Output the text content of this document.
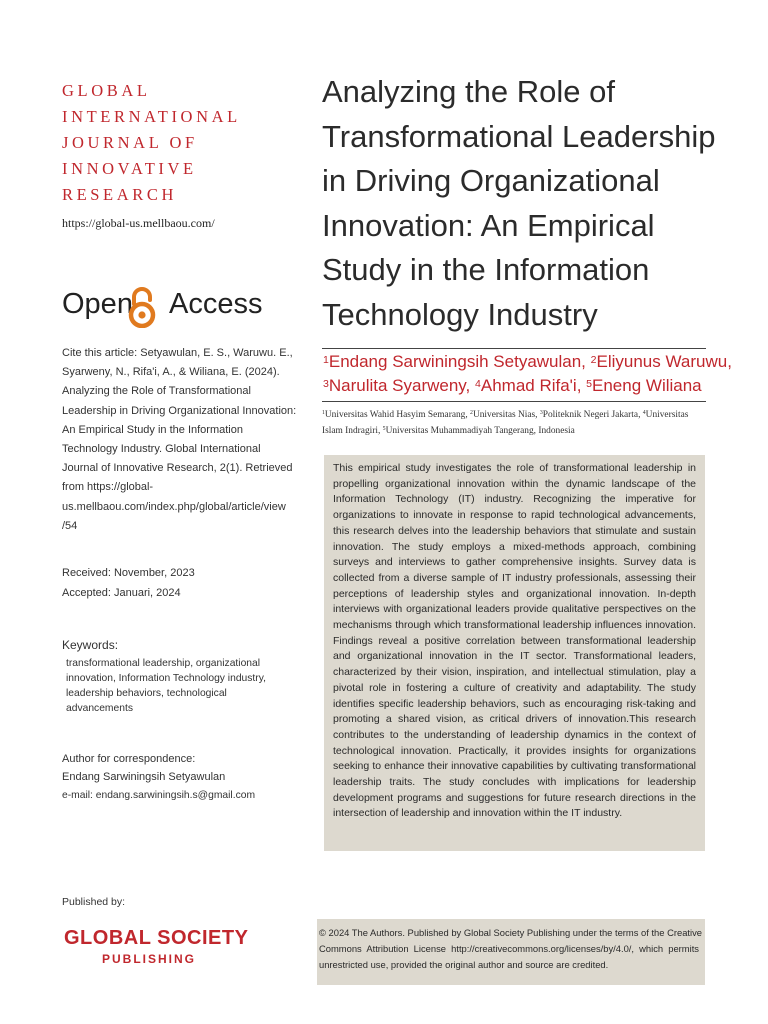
GLOBAL
INTERNATIONAL
JOURNAL OF
INNOVATIVE
RESEARCH
https://global-us.mellbaou.com/
Open Access
Cite this article: Setyawulan, E. S., Waruwu. E.,
Syarweny, N., Rifa'i, A., & Wiliana, E. (2024).
Analyzing the Role of Transformational
Leadership in Driving Organizational Innovation:
An Empirical Study in the Information
Technology Industry. Global International
Journal of Innovative Research, 2(1). Retrieved
from https://global-
us.mellbaou.com/index.php/global/article/view
/54
Received: November, 2023
Accepted: Januari, 2024
Keywords:
transformational leadership, organizational
innovation, Information Technology industry,
leadership behaviors, technological
advancements
Author for correspondence:
Endang Sarwiningsih Setyawulan
e-mail: endang.sarwiningsih.s@gmail.com
Published by:
GLOBAL SOCIETY
PUBLISHING
Analyzing the Role of
Transformational Leadership
in Driving Organizational
Innovation: An Empirical
Study in the Information
Technology Industry
$^1$Endang Sarwiningsih Setyawulan, $^2$Eliyunus Waruwu,
$^3$Narulita Syarweny, $^4$Ahmad Rifa'i, $^5$Eneng Wiliana
$^1$Universitas Wahid Hasyim Semarang, $^2$Universitas Nias, $^3$Politeknik Negeri Jakarta, $^4$Universitas
Islam Indragiri, $^5$Universitas Muhammadiyah Tangerang, Indonesia
This empirical study investigates the role of transformational leadership in propelling organizational innovation within the dynamic landscape of the Information Technology (IT) industry. Recognizing the imperative for organizations to innovate in response to rapid technological advancements, this research delves into the leadership behaviors that stimulate and sustain innovation. The study employs a mixed-methods approach, combining surveys and interviews to gather comprehensive insights. Survey data is collected from a diverse sample of IT industry professionals, assessing their perceptions of leadership styles and organizational innovation. In-depth interviews with organizational leaders provide qualitative perspectives on the mechanisms through which transformational leadership influences innovation. Findings reveal a positive correlation between transformational leadership and organizational innovation in the IT sector. Transformational leaders, characterized by their vision, inspiration, and intellectual stimulation, play a pivotal role in fostering a culture of creativity and adaptability. The study identifies specific leadership behaviors, such as encouraging risk-taking and promoting a shared vision, as critical drivers of innovation.This research contributes to the understanding of leadership dynamics in the context of technological innovation. Practically, it provides insights for organizations seeking to enhance their innovative capabilities by cultivating transformational leadership traits. The study concludes with implications for leadership development programs and suggestions for future research directions in the intersection of leadership and innovation within the IT industry.
© 2024 The Authors. Published by Global Society Publishing under the terms of the Creative
Commons Attribution License http://creativecommons.org/licenses/by/4.0/, which permits
unrestricted use, provided the original author and source are credited.
